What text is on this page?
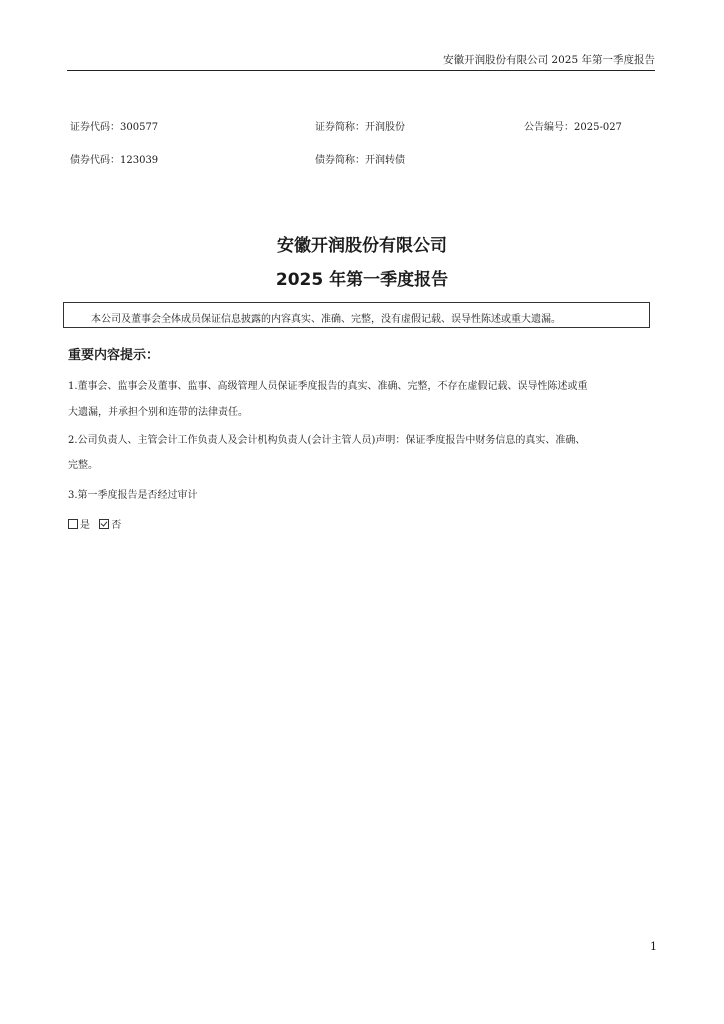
安徽开润股份有限公司 2025 年第一季度报告
证券代码：300577	证券简称：开润股份	公告编号：2025-027
债券代码：123039	债券简称：开润转债
安徽开润股份有限公司
2025 年第一季度报告
本公司及董事会全体成员保证信息披露的内容真实、准确、完整，没有虚假记载、误导性陈述或重大遗漏。
重要内容提示：
1.董事会、监事会及董事、监事、高级管理人员保证季度报告的真实、准确、完整，不存在虚假记载、误导性陈述或重
大遗漏，并承担个别和连带的法律责任。
2.公司负责人、主管会计工作负责人及会计机构负责人(会计主管人员)声明：保证季度报告中财务信息的真实、准确、
完整。
3.第一季度报告是否经过审计
是 否
1
